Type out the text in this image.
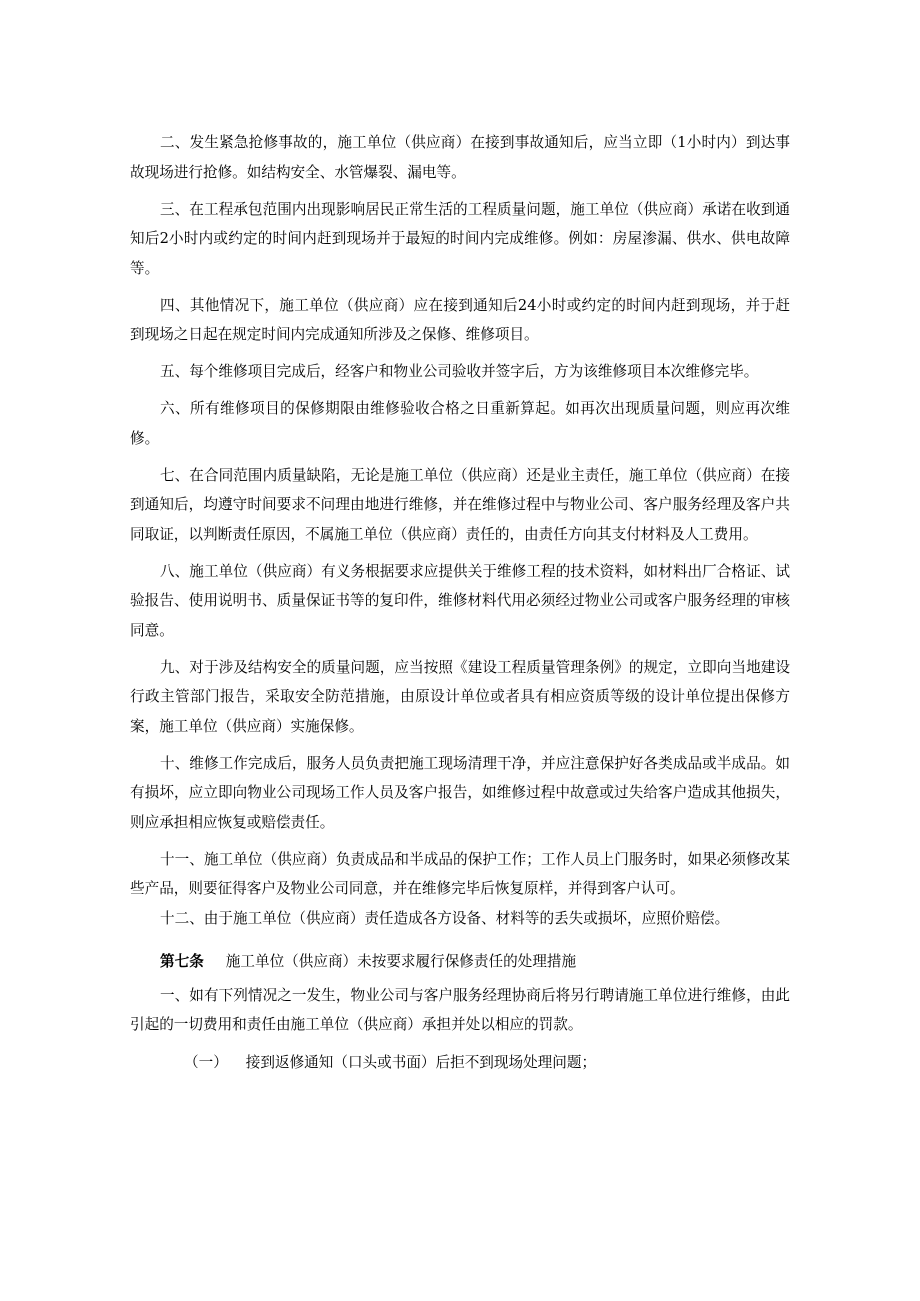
二、发生紧急抢修事故的，施工单位（供应商）在接到事故通知后，应当立即（1小时内）到达事故现场进行抢修。如结构安全、水管爆裂、漏电等。

三、在工程承包范围内出现影响居民正常生活的工程质量问题，施工单位（供应商）承诺在收到通知后2小时内或约定的时间内赶到现场并于最短的时间内完成维修。例如：房屋渗漏、供水、供电故障等。

四、其他情况下，施工单位（供应商）应在接到通知后24小时或约定的时间内赶到现场，并于赶到现场之日起在规定时间内完成通知所涉及之保修、维修项目。

五、每个维修项目完成后，经客户和物业公司验收并签字后，方为该维修项目本次维修完毕。

六、所有维修项目的保修期限由维修验收合格之日重新算起。如再次出现质量问题，则应再次维修。

七、在合同范围内质量缺陷，无论是施工单位（供应商）还是业主责任，施工单位（供应商）在接到通知后，均遵守时间要求不问理由地进行维修，并在维修过程中与物业公司、客户服务经理及客户共同取证，以判断责任原因，不属施工单位（供应商）责任的，由责任方向其支付材料及人工费用。

八、施工单位（供应商）有义务根据要求应提供关于维修工程的技术资料，如材料出厂合格证、试验报告、使用说明书、质量保证书等的复印件，维修材料代用必须经过物业公司或客户服务经理的审核同意。

九、对于涉及结构安全的质量问题，应当按照《建设工程质量管理条例》的规定，立即向当地建设行政主管部门报告，采取安全防范措施，由原设计单位或者具有相应资质等级的设计单位提出保修方案，施工单位（供应商）实施保修。

十、维修工作完成后，服务人员负责把施工现场清理干净，并应注意保护好各类成品或半成品。如有损坏，应立即向物业公司现场工作人员及客户报告，如维修过程中故意或过失给客户造成其他损失，则应承担相应恢复或赔偿责任。

十一、施工单位（供应商）负责成品和半成品的保护工作；工作人员上门服务时，如果必须修改某些产品，则要征得客户及物业公司同意，并在维修完毕后恢复原样，并得到客户认可。

十二、由于施工单位（供应商）责任造成各方设备、材料等的丢失或损坏，应照价赔偿。

第七条 施工单位（供应商）未按要求履行保修责任的处理措施

一、如有下列情况之一发生，物业公司与客户服务经理协商后将另行聘请施工单位进行维修，由此引起的一切费用和责任由施工单位（供应商）承担并处以相应的罚款。

（一） 接到返修通知（口头或书面）后拒不到现场处理问题；
